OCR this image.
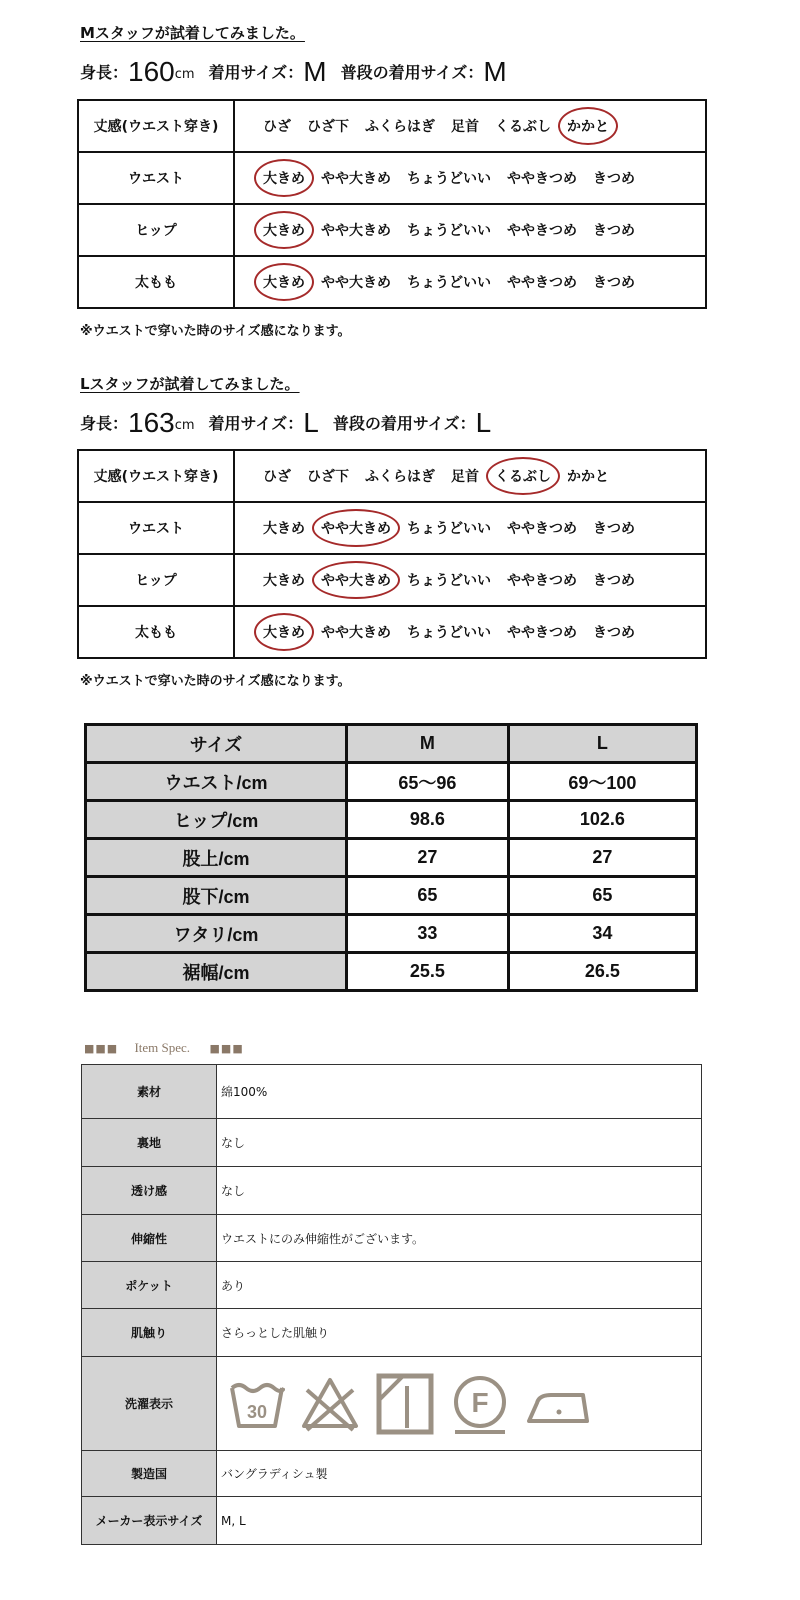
Mスタッフが試着してみました。
身長：160cm 着用サイズ：M 普段の着用サイズ：M
丈感(ウエスト穿き)	ひざ ひざ下 ふくらはぎ 足首 くるぶし かかと
ウエスト	大きめ やや大きめ ちょうどいい ややきつめ きつめ
ヒップ	大きめ やや大きめ ちょうどいい ややきつめ きつめ
太もも	大きめ やや大きめ ちょうどいい ややきつめ きつめ
※ウエストで穿いた時のサイズ感になります。
Lスタッフが試着してみました。
身長：163cm 着用サイズ：L 普段の着用サイズ：L
丈感(ウエスト穿き)	ひざ ひざ下 ふくらはぎ 足首 くるぶし かかと
ウエスト	大きめ やや大きめ ちょうどいい ややきつめ きつめ
ヒップ	大きめ やや大きめ ちょうどいい ややきつめ きつめ
太もも	大きめ やや大きめ ちょうどいい ややきつめ きつめ
※ウエストで穿いた時のサイズ感になります。
サイズ	M	L
ウエスト/cm	65〜96	69〜100
ヒップ/cm	98.6	102.6
股上/cm	27	27
股下/cm	65	65
ワタリ/cm	33	34
裾幅/cm	25.5	26.5
■■■ Item Spec. ■■■
素材	綿100%
裏地	なし
透け感	なし
伸縮性	ウエストにのみ伸縮性がございます。
ポケット	あり
肌触り	さらっとした肌触り
洗濯表示	30 F

製造国	バングラディシュ製
メーカー表示サイズ	M, L
